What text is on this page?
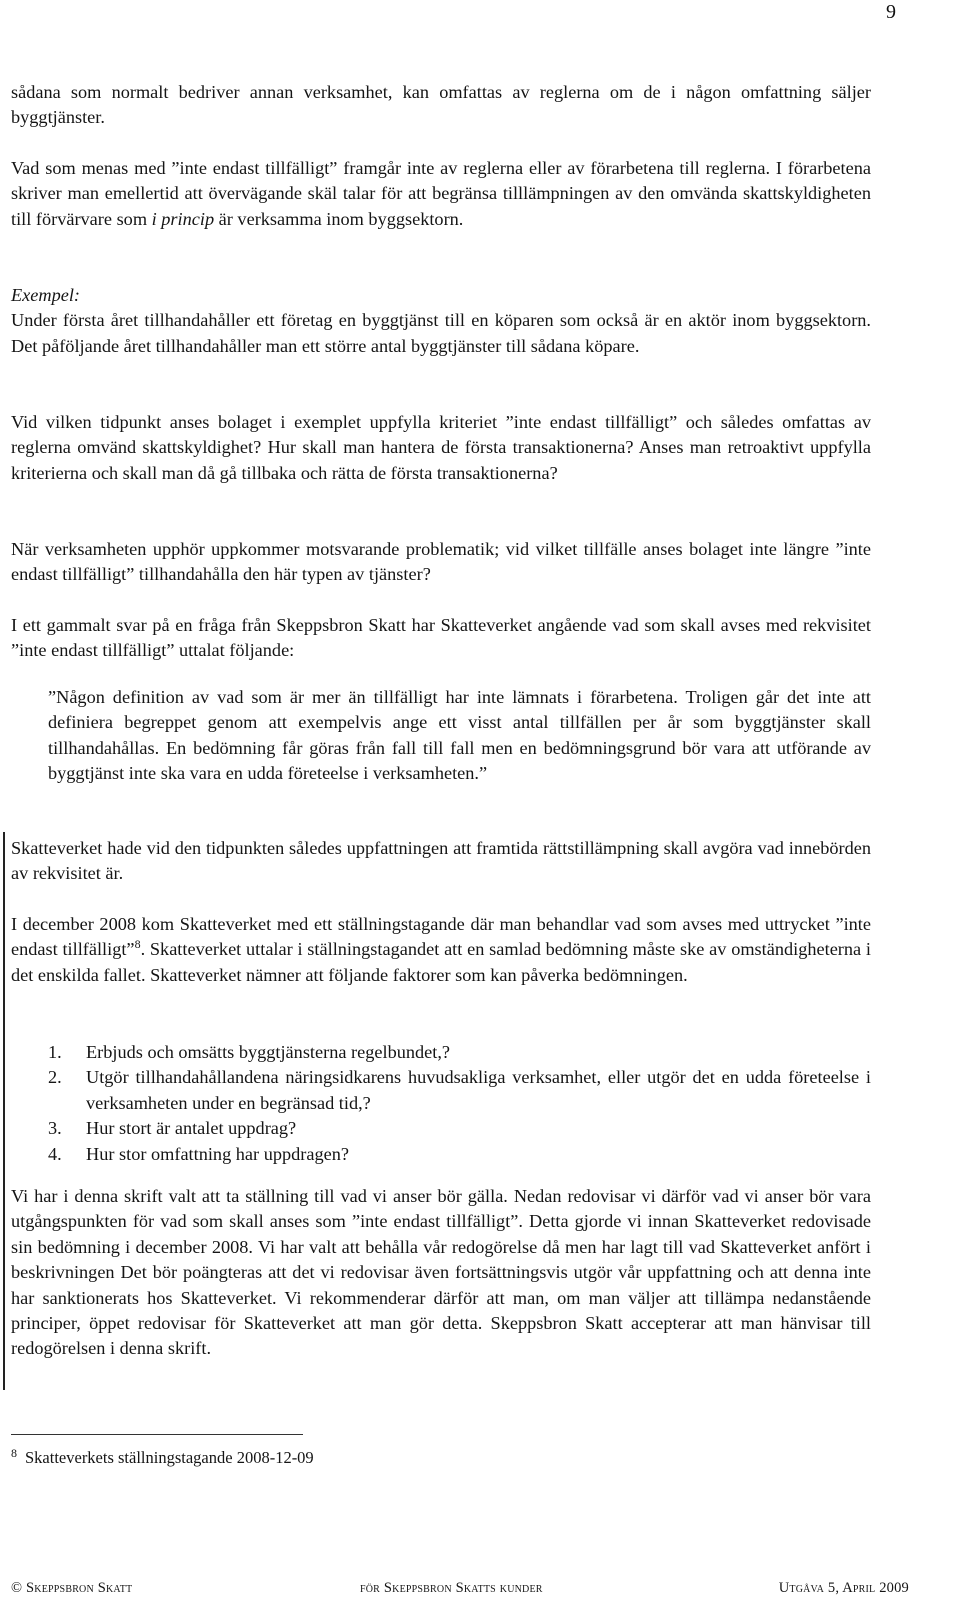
9

sådana som normalt bedriver annan verksamhet, kan omfattas av reglerna om de i någon omfattning säljer byggtjänster.

Vad som menas med ”inte endast tillfälligt” framgår inte av reglerna eller av förarbetena till reglerna. I förarbetena skriver man emellertid att övervägande skäl talar för att begränsa tilllämpningen av den omvända skattskyldigheten till förvärvare som i princip är verksamma inom byggsektorn.

Exempel:
Under första året tillhandahåller ett företag en byggtjänst till en köparen som också är en aktör inom byggsektorn. Det påföljande året tillhandahåller man ett större antal byggtjänster till sådana köpare.

Vid vilken tidpunkt anses bolaget i exemplet uppfylla kriteriet ”inte endast tillfälligt” och således omfattas av reglerna omvänd skattskyldighet? Hur skall man hantera de första transaktionerna? Anses man retroaktivt uppfylla kriterierna och skall man då gå tillbaka och rätta de första transaktionerna?

När verksamheten upphör uppkommer motsvarande problematik; vid vilket tillfälle anses bolaget inte längre ”inte endast tillfälligt” tillhandahålla den här typen av tjänster?

I ett gammalt svar på en fråga från Skeppsbron Skatt har Skatteverket angående vad som skall avses med rekvisitet ”inte endast tillfälligt” uttalat följande:

”Någon definition av vad som är mer än tillfälligt har inte lämnats i förarbetena. Troligen går det inte att definiera begreppet genom att exempelvis ange ett visst antal tillfällen per år som byggtjänster skall tillhandahållas. En bedömning får göras från fall till fall men en bedömningsgrund bör vara att utförande av byggtjänst inte ska vara en udda företeelse i verksamheten.”

Skatteverket hade vid den tidpunkten således uppfattningen att framtida rättstillämpning skall avgöra vad innebörden av rekvisitet är.

I december 2008 kom Skatteverket med ett ställningstagande där man behandlar vad som avses med uttrycket ”inte endast tillfälligt”$^8$. Skatteverket uttalar i ställningstagandet att en samlad bedömning måste ske av omständigheterna i det enskilda fallet. Skatteverket nämner att följande faktorer som kan påverka bedömningen.

1. Erbjuds och omsätts byggtjänsterna regelbundet,?
2. Utgör tillhandahållandena näringsidkarens huvudsakliga verksamhet, eller utgör det en udda företeelse i verksamheten under en begränsad tid,?
3. Hur stort är antalet uppdrag?
4. Hur stor omfattning har uppdragen?

Vi har i denna skrift valt att ta ställning till vad vi anser bör gälla. Nedan redovisar vi därför vad vi anser bör vara utgångspunkten för vad som skall anses som ”inte endast tillfälligt”. Detta gjorde vi innan Skatteverket redovisade sin bedömning i december 2008. Vi har valt att behålla vår redogörelse då men har lagt till vad Skatteverket anfört i beskrivningen Det bör poängteras att det vi redovisar även fortsättningsvis utgör vår uppfattning och att denna inte har sanktionerats hos Skatteverket. Vi rekommenderar därför att man, om man väljer att tillämpa nedanstående principer, öppet redovisar för Skatteverket att man gör detta. Skeppsbron Skatt accepterar att man hänvisar till redogörelsen i denna skrift.

$^8$ Skatteverkets ställningstagande 2008-12-09
© Skeppsbron Skatt	för Skeppsbron Skatts kunder	Utgåva 5, April 2009
